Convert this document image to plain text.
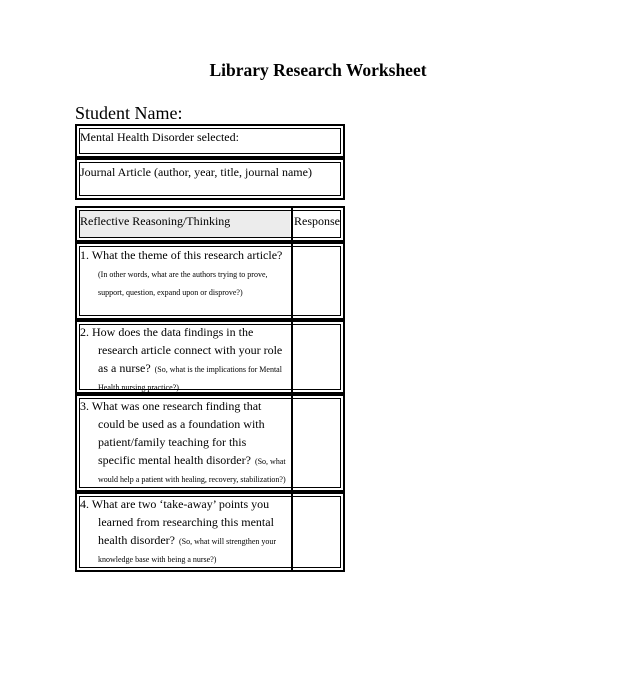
Library Research Worksheet
Student Name:
Mental Health Disorder selected:
Journal Article (author, year, title, journal name)
Reflective Reasoning/Thinking	Response
1. What the theme of this research article? (In other words, what are the authors trying to prove, support, question, expand upon or disprove?)
2. How does the data findings in the research article connect with your role as a nurse? (So, what is the implications for Mental Health nursing practice?)
3. What was one research finding that could be used as a foundation with patient/family teaching for this specific mental health disorder? (So, what would help a patient with healing, recovery, stabilization?)
4. What are two ‘take-away’ points you learned from researching this mental health disorder? (So, what will strengthen your knowledge base with being a nurse?)
